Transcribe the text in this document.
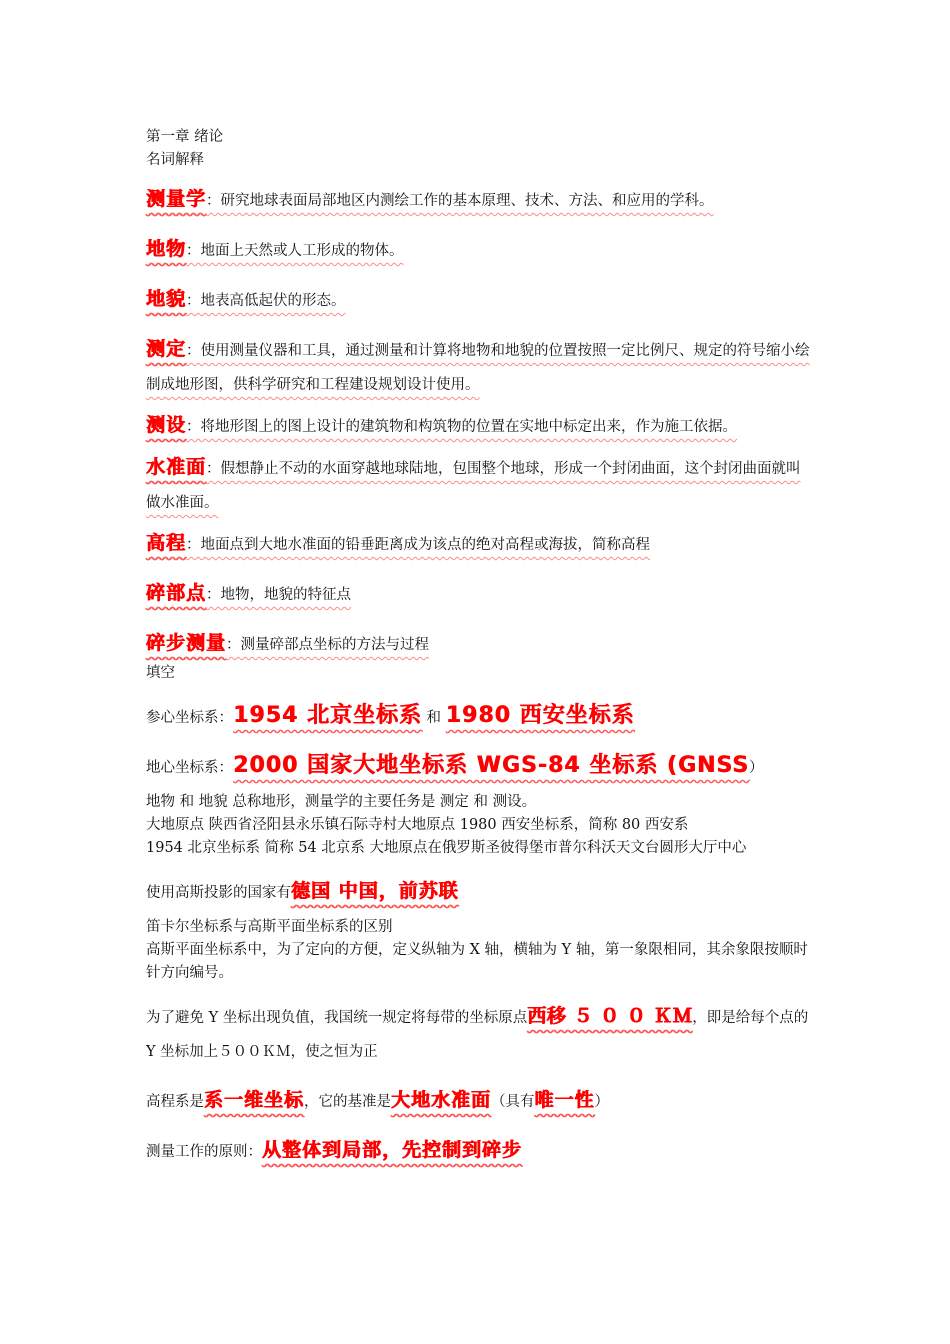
第一章 绪论
名词解释
测量学：研究地球表面局部地区内测绘工作的基本原理、技术、方法、和应用的学科。
地物：地面上天然或人工形成的物体。
地貌：地表高低起伏的形态。
测定：使用测量仪器和工具，通过测量和计算将地物和地貌的位置按照一定比例尺、规定的符号缩小绘制成地形图，供科学研究和工程建设规划设计使用。
测设：将地形图上的图上设计的建筑物和构筑物的位置在实地中标定出来，作为施工依据。
水准面：假想静止不动的水面穿越地球陆地，包围整个地球，形成一个封闭曲面，这个封闭曲面就叫做水准面。
高程：地面点到大地水准面的铅垂距离成为该点的绝对高程或海拔，简称高程
碎部点：地物，地貌的特征点
碎步测量：测量碎部点坐标的方法与过程
填空
参心坐标系：1954 北京坐标系 和 1980 西安坐标系
地心坐标系：2000 国家大地坐标系 WGS-84 坐标系 (GNSS）
地物 和 地貌 总称地形，测量学的主要任务是 测定 和 测设。
大地原点 陕西省泾阳县永乐镇石际寺村大地原点 1980 西安坐标系，简称 80 西安系
1954 北京坐标系 简称 54 北京系 大地原点在俄罗斯圣彼得堡市普尔科沃天文台圆形大厅中心
使用高斯投影的国家有德国 中国，前苏联
笛卡尔坐标系与高斯平面坐标系的区别
高斯平面坐标系中，为了定向的方便，定义纵轴为 X 轴，横轴为 Y 轴，第一象限相同，其余象限按顺时针方向编号。
为了避免 Y 坐标出现负值，我国统一规定将每带的坐标原点西移 ５ ０ ０ ＫＭ，即是给每个点的 Y 坐标加上５００ＫＭ，使之恒为正
高程系是系一维坐标，它的基准是大地水准面（具有唯一性）
测量工作的原则：从整体到局部，先控制到碎步
